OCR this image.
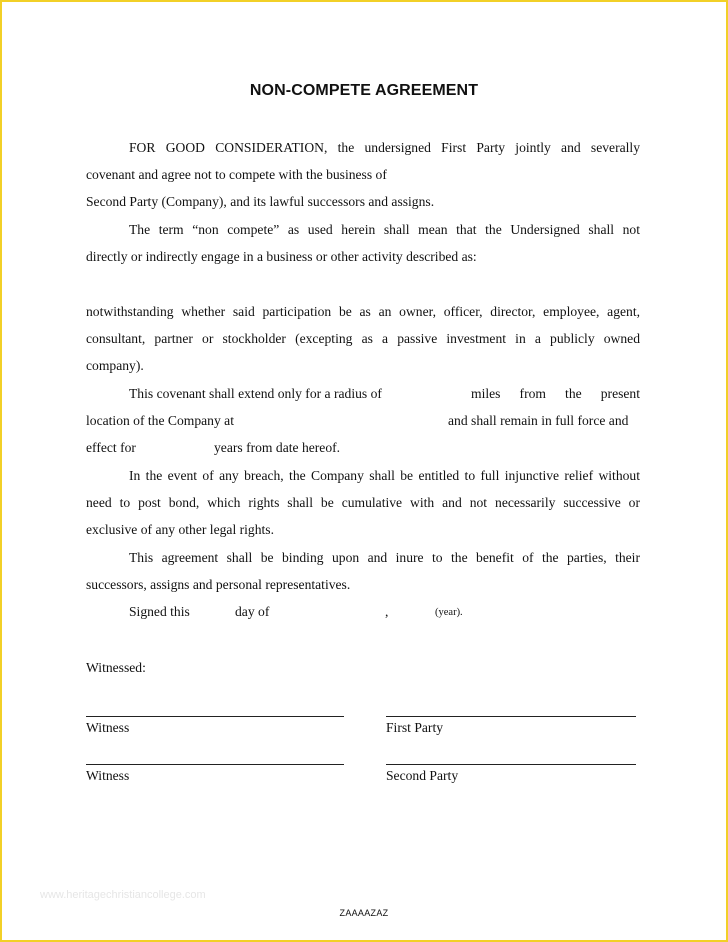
NON-COMPETE AGREEMENT
FOR GOOD CONSIDERATION, the undersigned First Party jointly and severally
covenant and agree not to compete with the business of
Second Party (Company), and its lawful successors and assigns.
The term “non compete” as used herein shall mean that the Undersigned shall not
directly or indirectly engage in a business or other activity described as:
notwithstanding whether said participation be as an owner, officer, director, employee, agent,
consultant, partner or stockholder (excepting as a passive investment in a publicly owned
company).
This covenant shall extend only for a radius of	miles from the present
location of the Company at	and shall remain in full force and
effect for	years from date hereof.
In the event of any breach, the Company shall be entitled to full injunctive relief without
need to post bond, which rights shall be cumulative with and not necessarily successive or
exclusive of any other legal rights.
This agreement shall be binding upon and inure to the benefit of the parties, their
successors, assigns and personal representatives.
Signed this	day of	,	(year).
Witnessed:
Witness	First Party
Witness	Second Party
www.heritagechristiancollege.com
ZAAAAZAZ
